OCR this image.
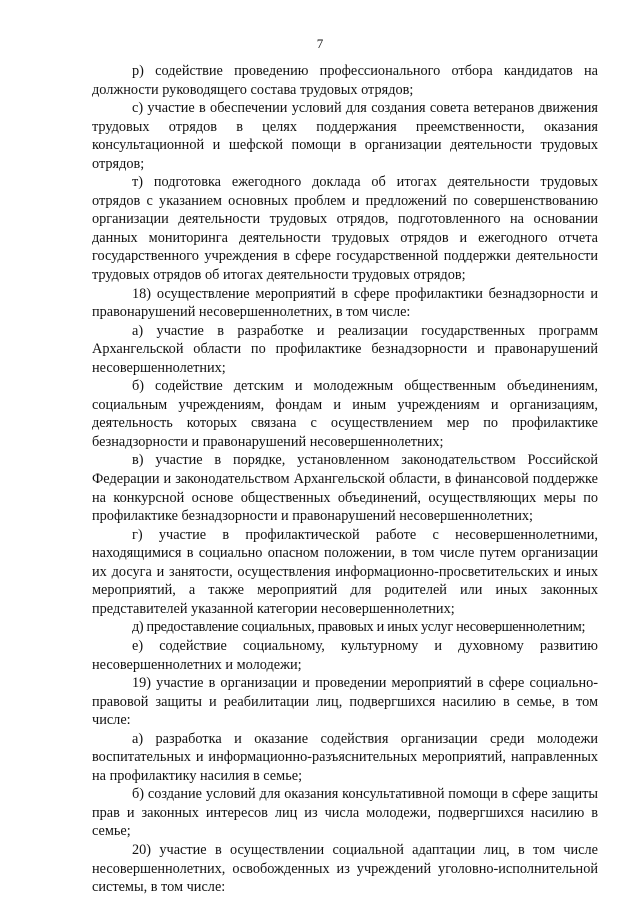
7

р) содействие проведению профессионального отбора кандидатов на должности руководящего состава трудовых отрядов;

с) участие в обеспечении условий для создания совета ветеранов движения трудовых отрядов в целях поддержания преемственности, оказания консультационной и шефской помощи в организации деятельности трудовых отрядов;

т) подготовка ежегодного доклада об итогах деятельности трудовых отрядов с указанием основных проблем и предложений по совершенствованию организации деятельности трудовых отрядов, подготовленного на основании данных мониторинга деятельности трудовых отрядов и ежегодного отчета государственного учреждения в сфере государственной поддержки деятельности трудовых отрядов об итогах деятельности трудовых отрядов;

18) осуществление мероприятий в сфере профилактики безнадзорности и правонарушений несовершеннолетних, в том числе:

а) участие в разработке и реализации государственных программ Архангельской области по профилактике безнадзорности и правонарушений несовершеннолетних;

б) содействие детским и молодежным общественным объединениям, социальным учреждениям, фондам и иным учреждениям и организациям, деятельность которых связана с осуществлением мер по профилактике безнадзорности и правонарушений несовершеннолетних;

в) участие в порядке, установленном законодательством Российской Федерации и законодательством Архангельской области, в финансовой поддержке на конкурсной основе общественных объединений, осуществляющих меры по профилактике безнадзорности и правонарушений несовершеннолетних;

г) участие в профилактической работе с несовершеннолетними, находящимися в социально опасном положении, в том числе путем организации их досуга и занятости, осуществления информационно-просветительских и иных мероприятий, а также мероприятий для родителей или иных законных представителей указанной категории несовершеннолетних;

д) предоставление социальных, правовых и иных услуг несовершеннолетним;

е) содействие социальному, культурному и духовному развитию несовершеннолетних и молодежи;

19) участие в организации и проведении мероприятий в сфере социально-правовой защиты и реабилитации лиц, подвергшихся насилию в семье, в том числе:

а) разработка и оказание содействия организации среди молодежи воспитательных и информационно-разъяснительных мероприятий, направленных на профилактику насилия в семье;

б) создание условий для оказания консультативной помощи в сфере защиты прав и законных интересов лиц из числа молодежи, подвергшихся насилию в семье;

20) участие в осуществлении социальной адаптации лиц, в том числе несовершеннолетних, освобожденных из учреждений уголовно-исполнительной системы, в том числе:
